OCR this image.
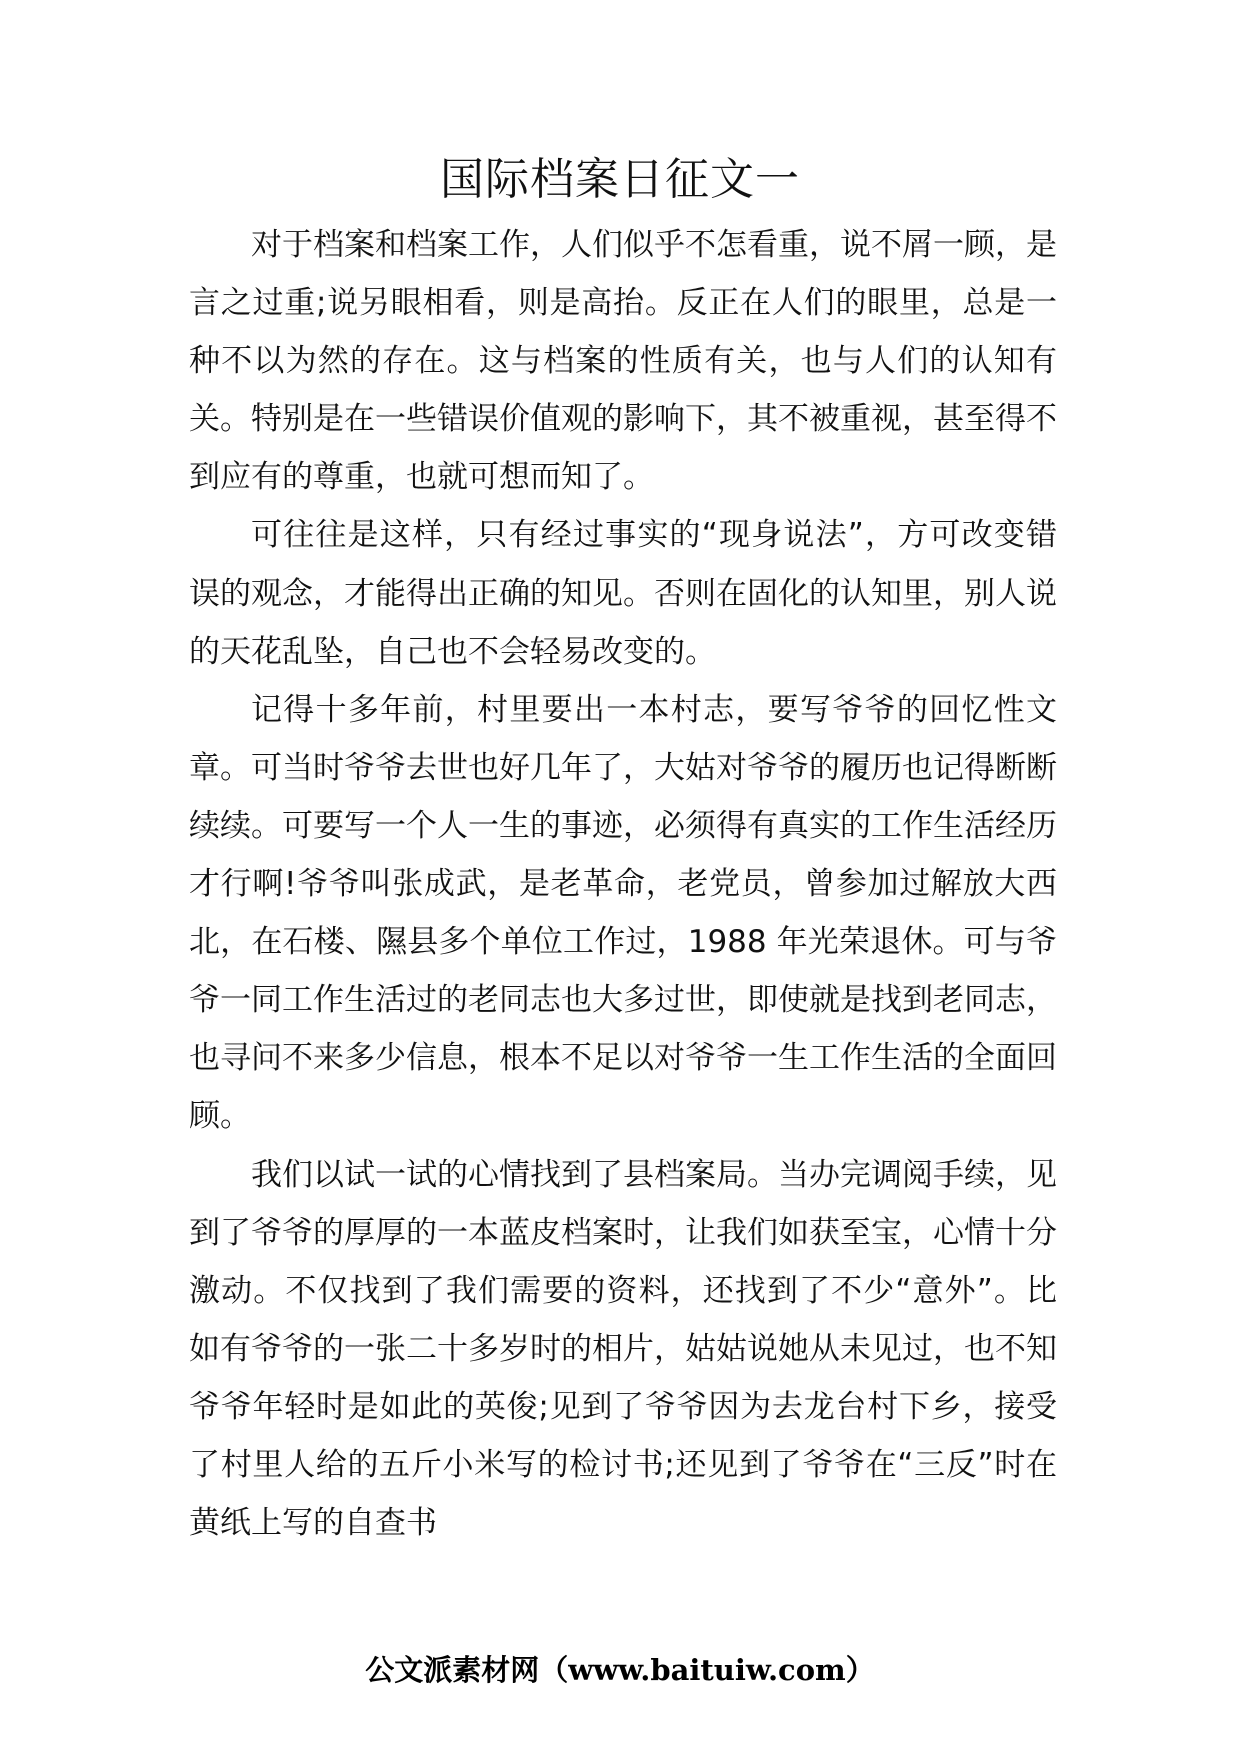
国际档案日征文一

对于档案和档案工作，人们似乎不怎看重，说不屑一顾，是言之过重;说另眼相看，则是高抬。反正在人们的眼里，总是一种不以为然的存在。这与档案的性质有关，也与人们的认知有关。特别是在一些错误价值观的影响下，其不被重视，甚至得不到应有的尊重，也就可想而知了。

可往往是这样，只有经过事实的“现身说法”，方可改变错误的观念，才能得出正确的知见。否则在固化的认知里，别人说的天花乱坠，自己也不会轻易改变的。

记得十多年前，村里要出一本村志，要写爷爷的回忆性文章。可当时爷爷去世也好几年了，大姑对爷爷的履历也记得断断续续。可要写一个人一生的事迹，必须得有真实的工作生活经历才行啊!爷爷叫张成武，是老革命，老党员，曾参加过解放大西北，在石楼、隰县多个单位工作过，1988 年光荣退休。可与爷爷一同工作生活过的老同志也大多过世，即使就是找到老同志，也寻问不来多少信息，根本不足以对爷爷一生工作生活的全面回顾。

我们以试一试的心情找到了县档案局。当办完调阅手续，见到了爷爷的厚厚的一本蓝皮档案时，让我们如获至宝，心情十分激动。不仅找到了我们需要的资料，还找到了不少“意外”。比如有爷爷的一张二十多岁时的相片，姑姑说她从未见过，也不知爷爷年轻时是如此的英俊;见到了爷爷因为去龙台村下乡，接受了村里人给的五斤小米写的检讨书;还见到了爷爷在“三反”时在黄纸上写的自查书

公文派素材网（www.baituiw.com）
